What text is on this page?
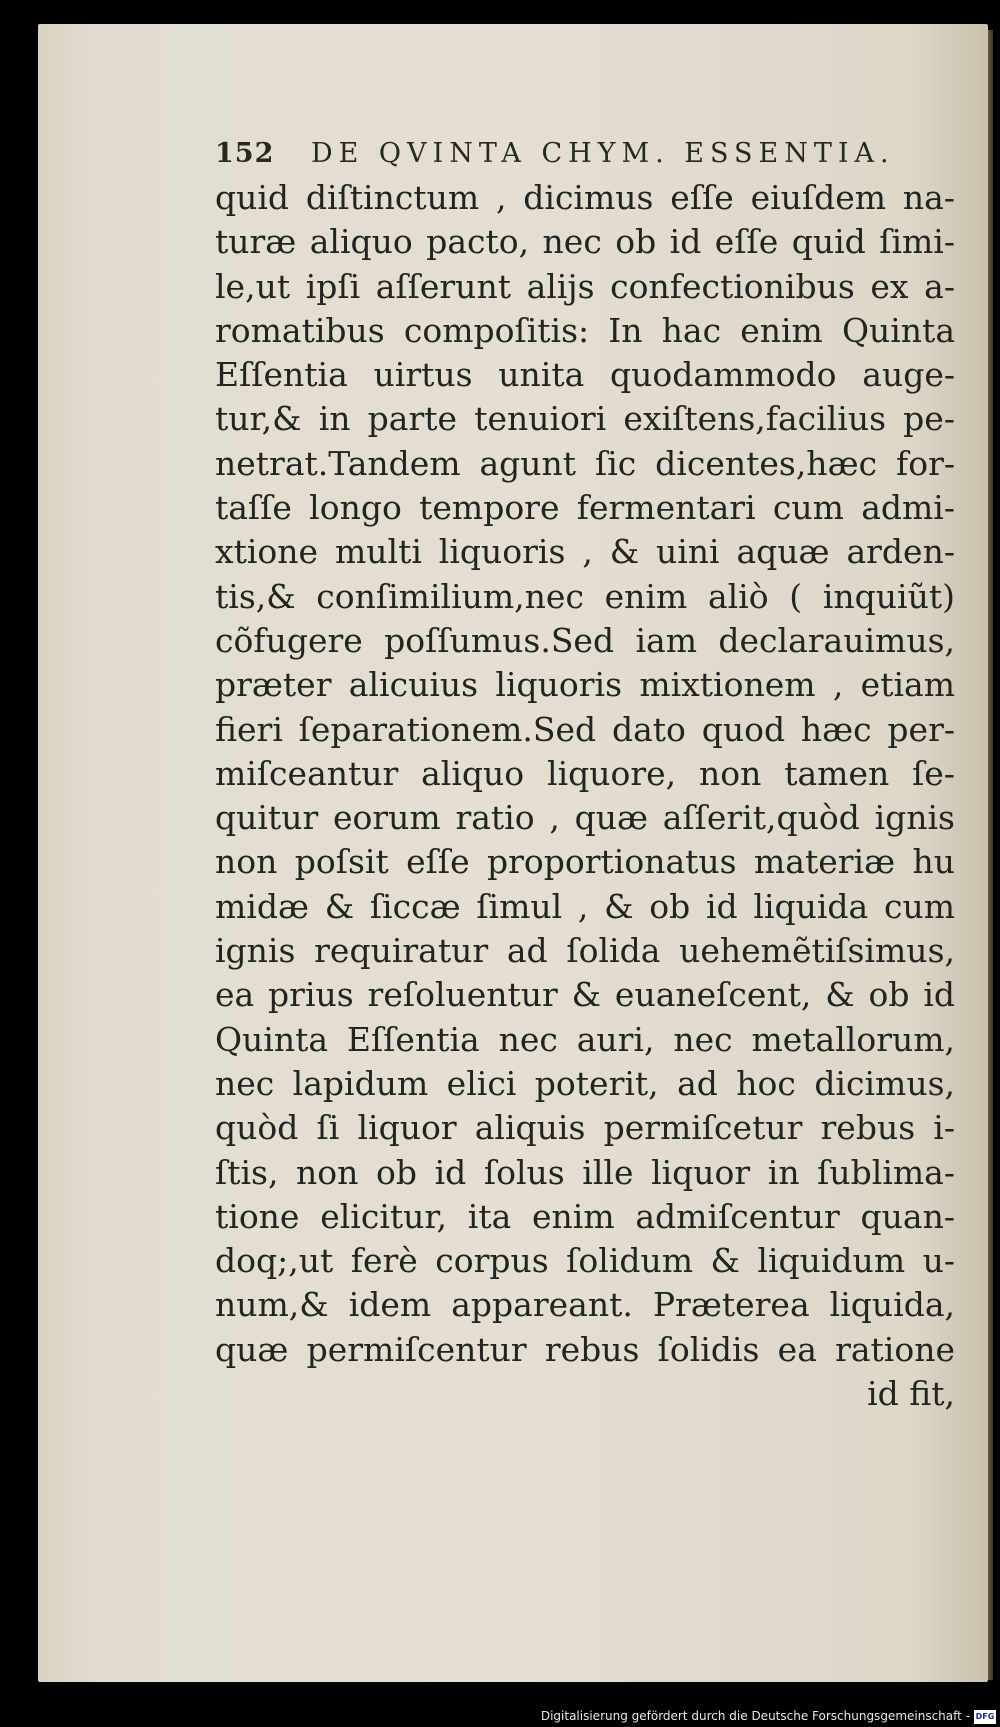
152 DE QVINTA CHYM. ESSENTIA.
quid diſtinctum , dicimus eſſe eiuſdem na-
turæ aliquo pacto, nec ob id eſſe quid ſimi-
le,ut ipſi aſſerunt alijs confectionibus ex a-
romatibus compoſitis: In hac enim Quinta
Eſſentia uirtus unita quodammodo auge-
tur,& in parte tenuiori exiſtens,facilius pe-
netrat.Tandem agunt ſic dicentes,hæc for-
taſſe longo tempore fermentari cum admi-
xtione multi liquoris , & uini aquæ arden-
tis,& conſimilium,nec enim aliò ( inquiũt)
cõfugere poſſumus.Sed iam declarauimus,
præter alicuius liquoris mixtionem , etiam
fieri ſeparationem.Sed dato quod hæc per-
miſceantur aliquo liquore, non tamen ſe-
quitur eorum ratio , quæ aſſerit,quòd ignis
non poſsit eſſe proportionatus materiæ hu
midæ & ſiccæ ſimul , & ob id liquida cum
ignis requiratur ad ſolida uehemẽtiſsimus,
ea prius reſoluentur & euaneſcent, & ob id
Quinta Eſſentia nec auri, nec metallorum,
nec lapidum elici poterit, ad hoc dicimus,
quòd ſi liquor aliquis permiſcetur rebus i-
ſtis, non ob id ſolus ille liquor in ſublima-
tione elicitur, ita enim admiſcentur quan-
doq;,ut ferè corpus ſolidum & liquidum u-
num,& idem appareant. Præterea liquida,
quæ permiſcentur rebus ſolidis ea ratione
id fit,
Digitalisierung gefördert durch die Deutsche Forschungsgemeinschaft - DFG
